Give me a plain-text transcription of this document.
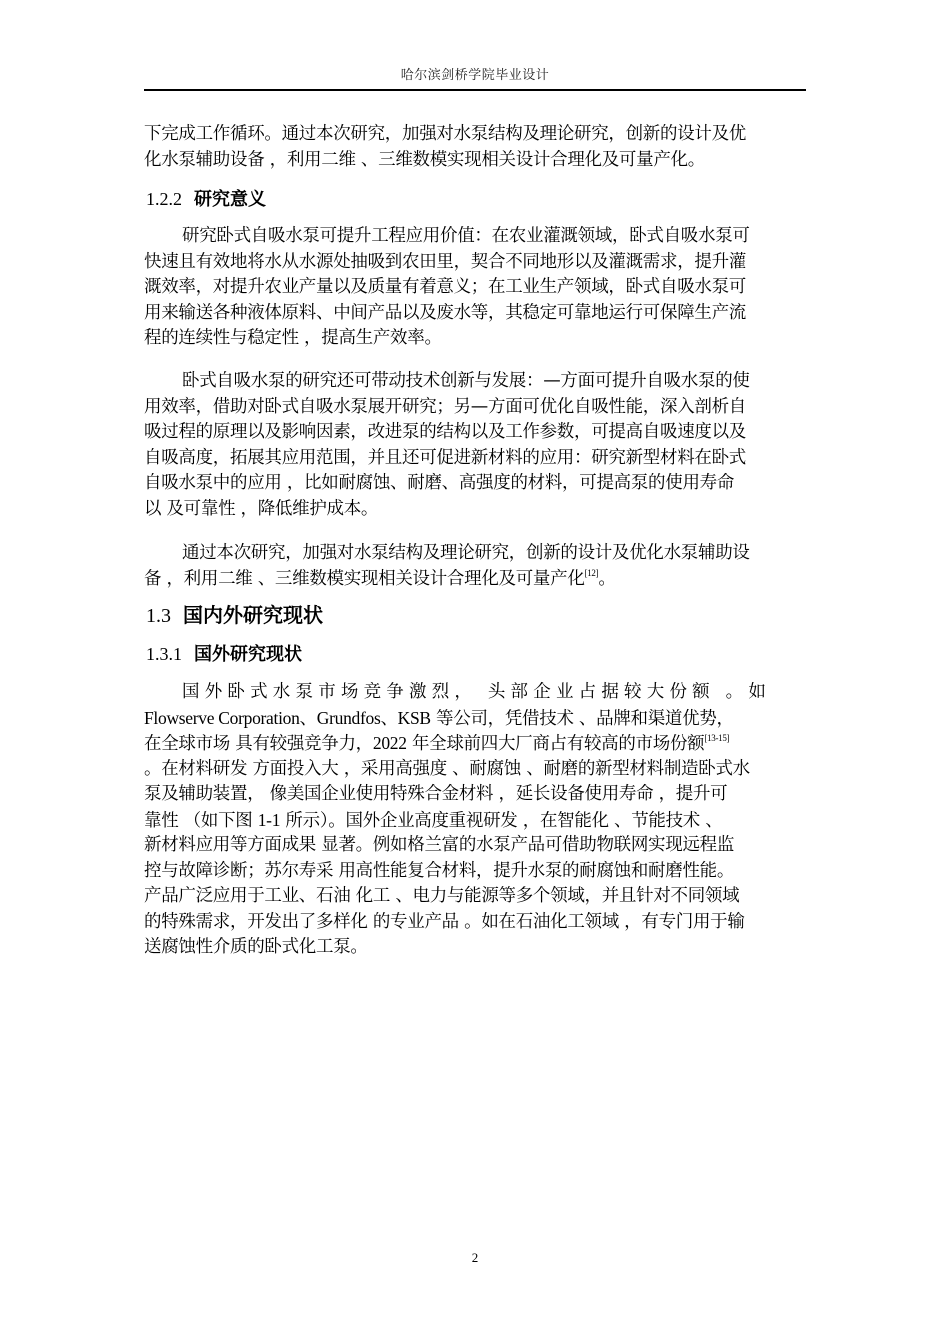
哈尔滨剑桥学院毕业设计
下完成工作循环。通过本次研究，加强对水泵结构及理论研究，创新的设计及优
化水泵辅助设备 ，利用二维 、三维数模实现相关设计合理化及可量产化。
1.2.2 研究意义
研究卧式自吸水泵可提升工程应用价值：在农业灌溉领域，卧式自吸水泵可
快速且有效地将水从水源处抽吸到农田里，契合不同地形以及灌溉需求，提升灌
溉效率，对提升农业产量以及质量有着意义；在工业生产领域，卧式自吸水泵可
用来输送各种液体原料、中间产品以及废水等，其稳定可靠地运行可保障生产流
程的连续性与稳定性 ，提高生产效率。
卧式自吸水泵的研究还可带动技术创新与发展：—方面可提升自吸水泵的使
用效率，借助对卧式自吸水泵展开研究；另—方面可优化自吸性能，深入剖析自
吸过程的原理以及影响因素，改进泵的结构以及工作参数，可提高自吸速度以及
自吸高度，拓展其应用范围，并且还可促进新材料的应用：研究新型材料在卧式
自吸水泵中的应用 ，比如耐腐蚀、耐磨、高强度的材料，可提高泵的使用寿命
以 及可靠性 ，降低维护成本。
通过本次研究，加强对水泵结构及理论研究，创新的设计及优化水泵辅助设
备 ，利用二维 、三维数模实现相关设计合理化及可量产化[12]。
1.3 国内外研究现状
1.3.1 国外研究现状
国外卧式水泵市场竞争激烈， 头部企业占据较大份额 。如
Flowserve Corporation、Grundfos、KSB 等公司，凭借技术 、品牌和渠道优势，
在全球市场 具有较强竞争力，2022 年全球前四大厂商占有较高的市场份额[13-15]
。在材料研发 方面投入大 ，采用高强度 、耐腐蚀 、耐磨的新型材料制造卧式水
泵及辅助装置， 像美国企业使用特殊合金材料 ，延长设备使用寿命 ，提升可
靠性 （如下图 1-1 所示）。国外企业高度重视研发 ，在智能化 、节能技术 、
新材料应用等方面成果 显著。例如格兰富的水泵产品可借助物联网实现远程监
控与故障诊断；苏尔寿采 用高性能复合材料，提升水泵的耐腐蚀和耐磨性能。
产品广泛应用于工业、石油 化工 、电力与能源等多个领域，并且针对不同领域
的特殊需求，开发出了多样化 的专业产品 。如在石油化工领域 ，有专门用于输
送腐蚀性介质的卧式化工泵。
2
